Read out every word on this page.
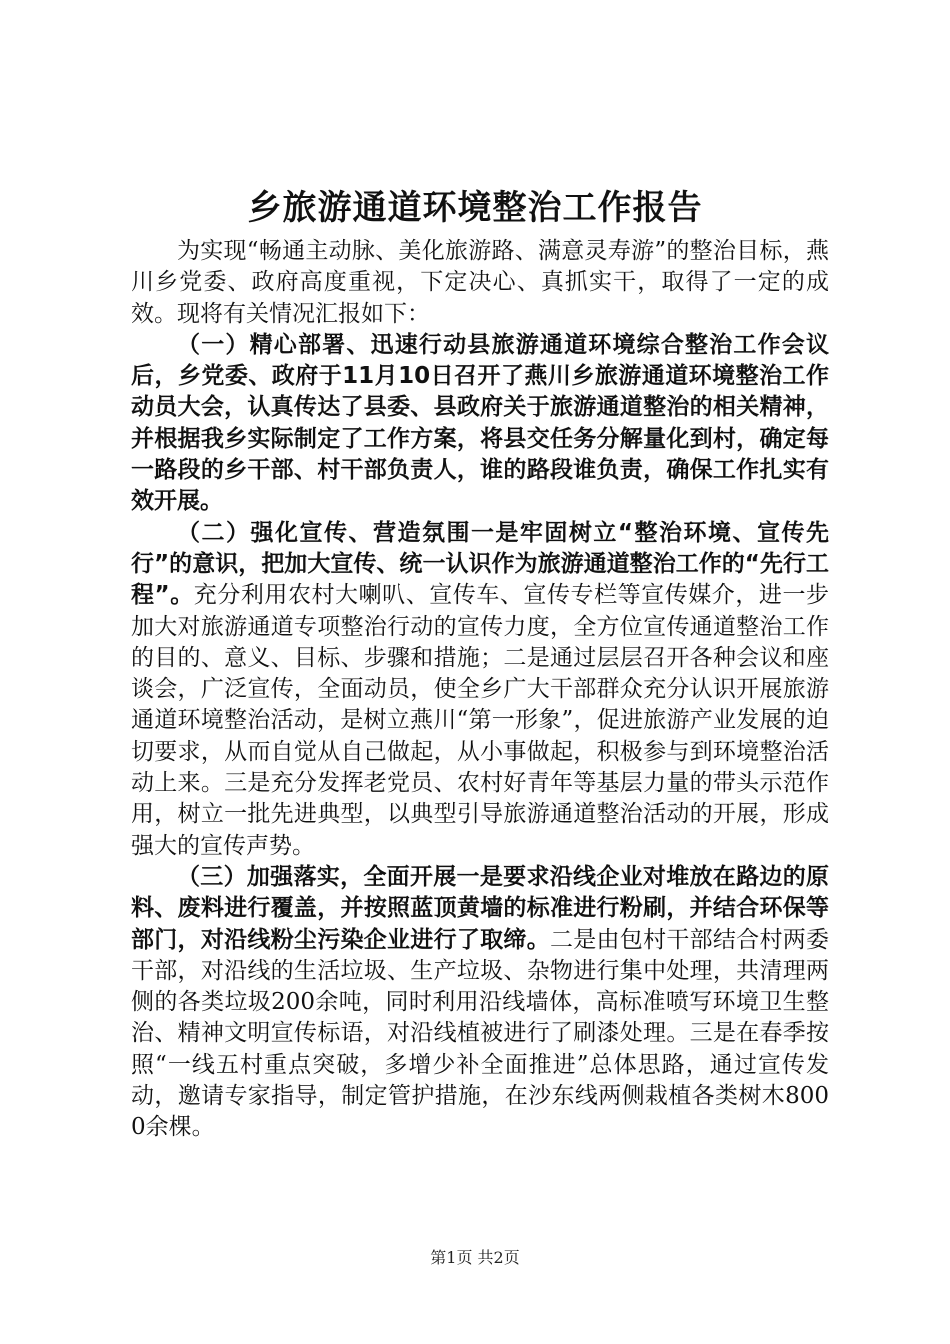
乡旅游通道环境整治工作报告

为实现“畅通主动脉、美化旅游路、满意灵寿游”的整治目标，燕川乡党委、政府高度重视，下定决心、真抓实干，取得了一定的成效。现将有关情况汇报如下：

（一）精心部署、迅速行动县旅游通道环境综合整治工作会议后，乡党委、政府于11月10日召开了燕川乡旅游通道环境整治工作动员大会，认真传达了县委、县政府关于旅游通道整治的相关精神，并根据我乡实际制定了工作方案，将县交任务分解量化到村，确定每一路段的乡干部、村干部负责人，谁的路段谁负责，确保工作扎实有效开展。

（二）强化宣传、营造氛围一是牢固树立“整治环境、宣传先行”的意识，把加大宣传、统一认识作为旅游通道整治工作的“先行工程”。充分利用农村大喇叭、宣传车、宣传专栏等宣传媒介，进一步加大对旅游通道专项整治行动的宣传力度，全方位宣传通道整治工作的目的、意义、目标、步骤和措施；二是通过层层召开各种会议和座谈会，广泛宣传，全面动员，使全乡广大干部群众充分认识开展旅游通道环境整治活动，是树立燕川“第一形象”，促进旅游产业发展的迫切要求，从而自觉从自己做起，从小事做起，积极参与到环境整治活动上来。三是充分发挥老党员、农村好青年等基层力量的带头示范作用，树立一批先进典型，以典型引导旅游通道整治活动的开展，形成强大的宣传声势。

（三）加强落实，全面开展一是要求沿线企业对堆放在路边的原料、废料进行覆盖，并按照蓝顶黄墙的标准进行粉刷，并结合环保等部门，对沿线粉尘污染企业进行了取缔。二是由包村干部结合村两委干部，对沿线的生活垃圾、生产垃圾、杂物进行集中处理，共清理两侧的各类垃圾200余吨，同时利用沿线墙体，高标准喷写环境卫生整治、精神文明宣传标语，对沿线植被进行了刷漆处理。三是在春季按照“一线五村重点突破，多增少补全面推进”总体思路，通过宣传发动，邀请专家指导，制定管护措施，在沙东线两侧栽植各类树木8000余棵。

第1页 共2页
